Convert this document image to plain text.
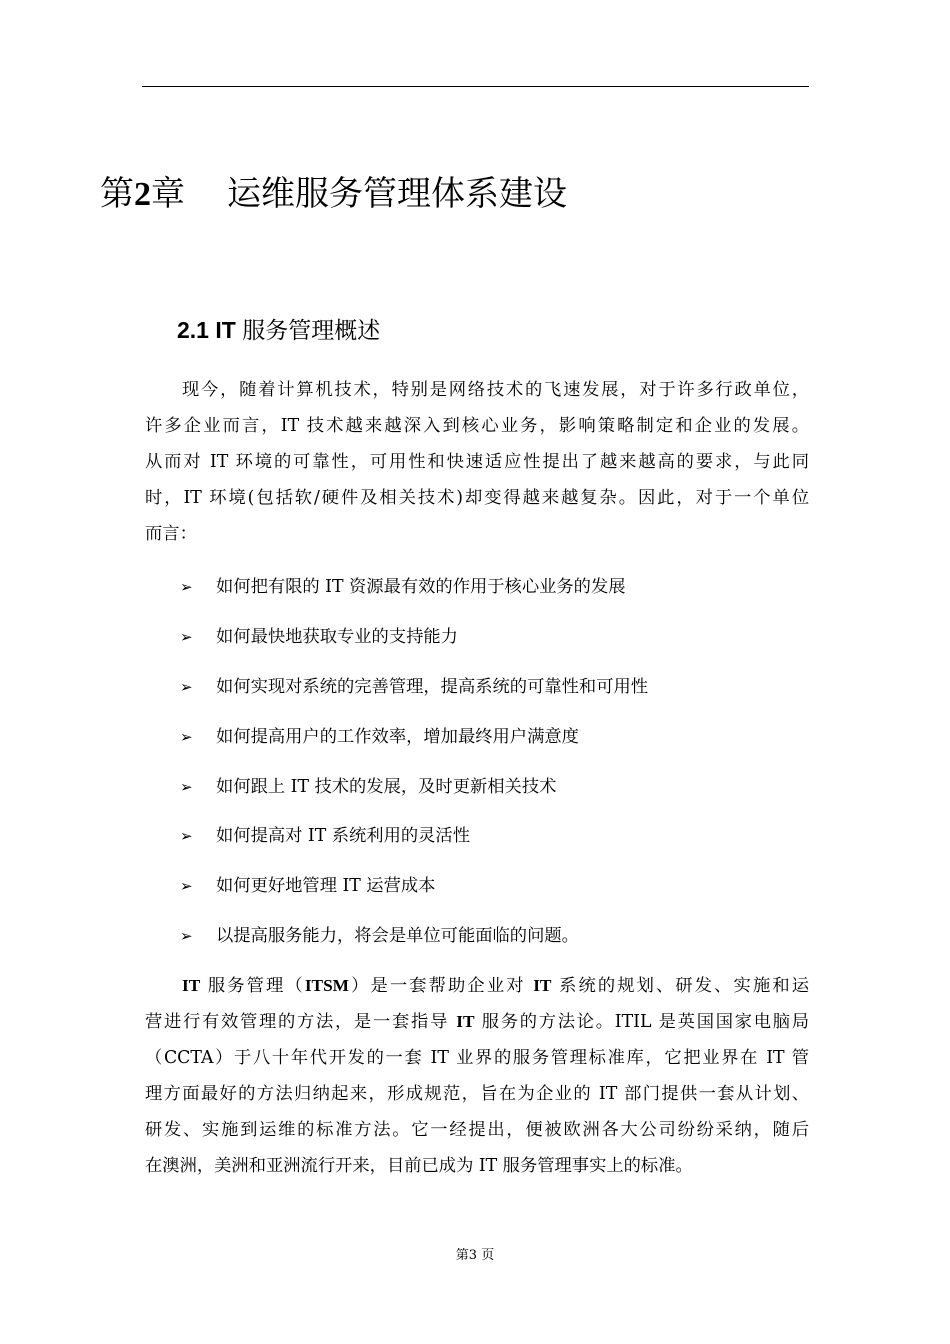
第2章 运维服务管理体系建设
2.1 IT 服务管理概述

现今，随着计算机技术，特别是网络技术的飞速发展，对于许多行政单位，
许多企业而言，IT 技术越来越深入到核心业务，影响策略制定和企业的发展。
从而对 IT 环境的可靠性，可用性和快速适应性提出了越来越高的要求，与此同
时，IT 环境(包括软/硬件及相关技术)却变得越来越复杂。因此，对于一个单位
而言：

➢	如何把有限的 IT 资源最有效的作用于核心业务的发展
➢	如何最快地获取专业的支持能力
➢	如何实现对系统的完善管理，提高系统的可靠性和可用性
➢	如何提高用户的工作效率，增加最终用户满意度
➢	如何跟上 IT 技术的发展，及时更新相关技术
➢	如何提高对 IT 系统利用的灵活性
➢	如何更好地管理 IT 运营成本
➢	以提高服务能力，将会是单位可能面临的问题。

IT 服务管理（ITSM）是一套帮助企业对 IT 系统的规划、研发、实施和运
营进行有效管理的方法，是一套指导 IT 服务的方法论。ITIL 是英国国家电脑局
（CCTA）于八十年代开发的一套 IT 业界的服务管理标准库，它把业界在 IT 管
理方面最好的方法归纳起来，形成规范，旨在为企业的 IT 部门提供一套从计划、
研发、实施到运维的标准方法。它一经提出，便被欧洲各大公司纷纷采纳，随后
在澳洲，美洲和亚洲流行开来，目前已成为 IT 服务管理事实上的标准。

第3 页
